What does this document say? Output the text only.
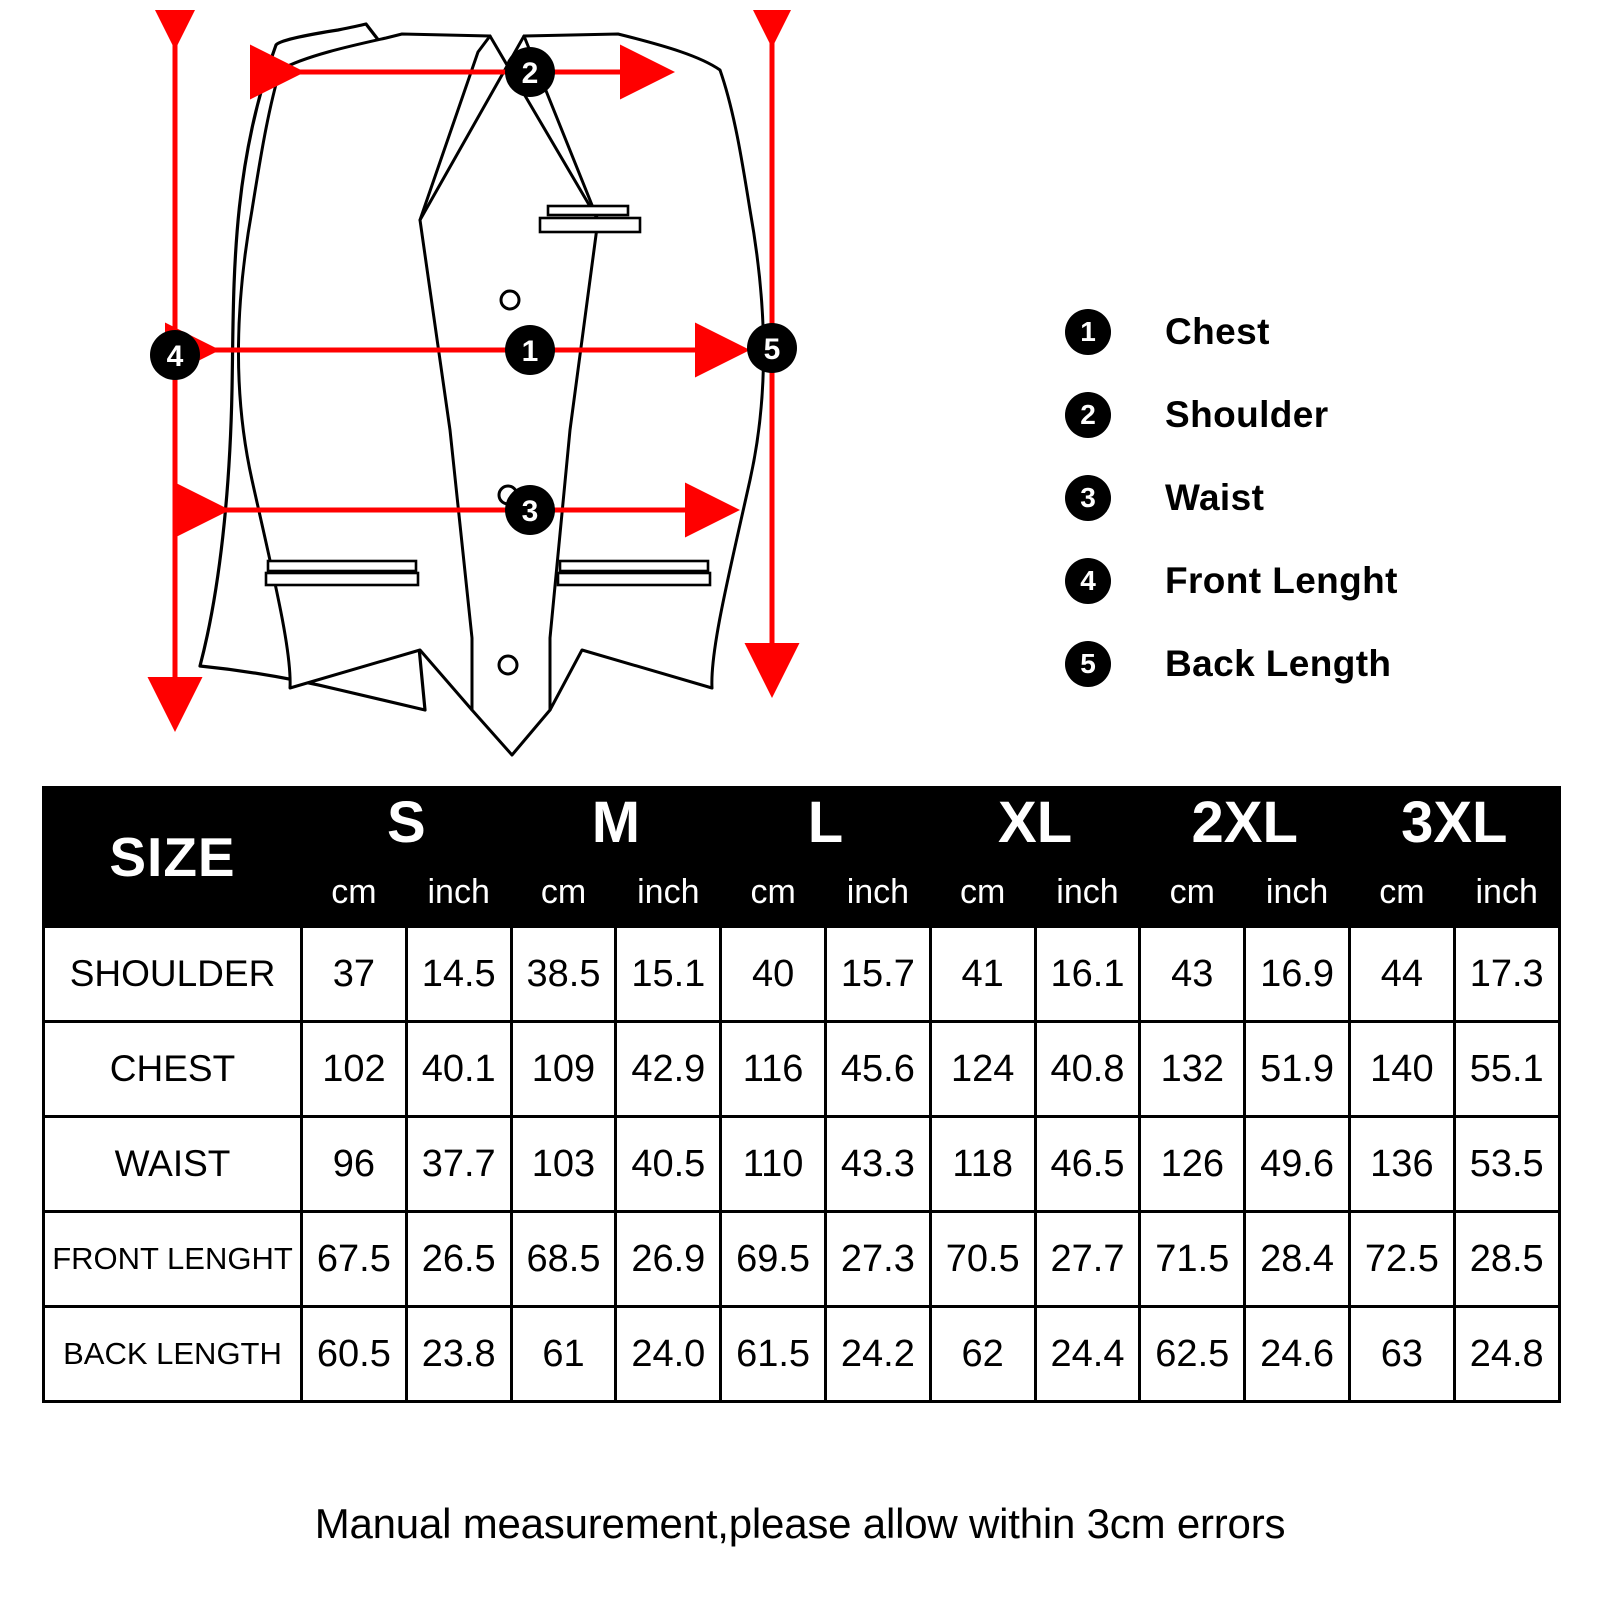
2
1
3
4	5
1	Chest
2	Shoulder
3	Waist
4	Front Lenght
5	Back Length
SIZE	S		M		L		XL		2XL		3XL	
	cm	inch	cm	inch	cm	inch	cm	inch	cm	inch	cm	inch
SHOULDER	37	14.5	38.5	15.1	40	15.7	41	16.1	43	16.9	44	17.3
CHEST	102	40.1	109	42.9	116	45.6	124	40.8	132	51.9	140	55.1
WAIST	96	37.7	103	40.5	110	43.3	118	46.5	126	49.6	136	53.5
FRONT LENGHT	67.5	26.5	68.5	26.9	69.5	27.3	70.5	27.7	71.5	28.4	72.5	28.5
BACK LENGTH	60.5	23.8	61	24.0	61.5	24.2	62	24.4	62.5	24.6	63	24.8
Manual measurement,please allow within 3cm errors
